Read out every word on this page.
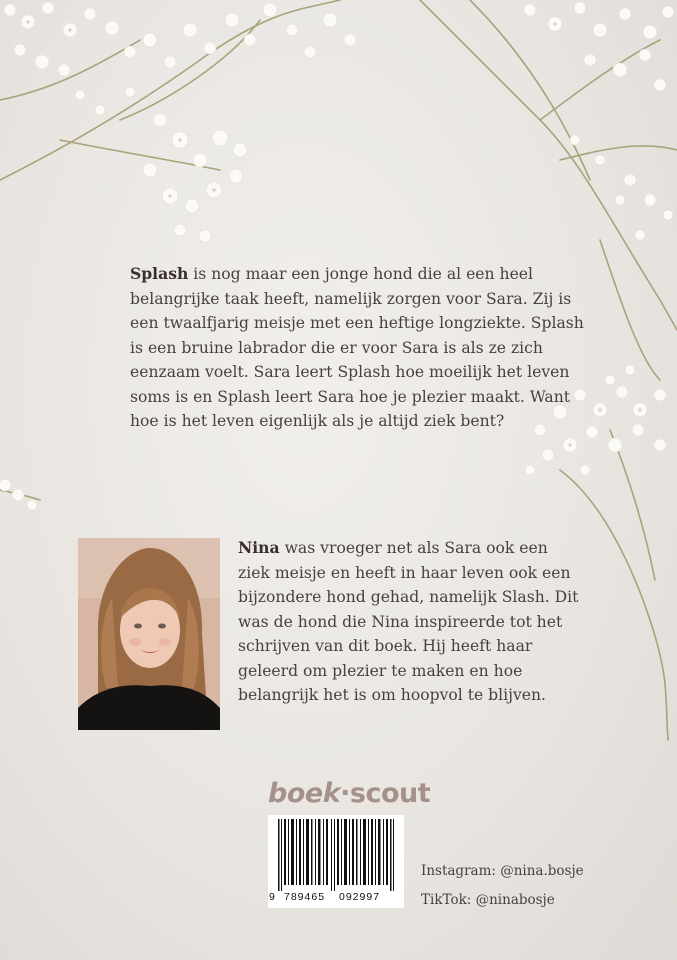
Splash is nog maar een jonge hond die al een heel belangrijke taak heeft, namelijk zorgen voor Sara. Zij is een twaalfjarig meisje met een heftige longziekte. Splash is een bruine labrador die er voor Sara is als ze zich eenzaam voelt. Sara leert Splash hoe moeilijk het leven soms is en Splash leert Sara hoe je plezier maakt. Want hoe is het leven eigenlijk als je altijd ziek bent?

Nina was vroeger net als Sara ook een ziek meisje en heeft in haar leven ook een bijzondere hond gehad, namelijk Slash. Dit was de hond die Nina inspireerde tot het schrijven van dit boek. Hij heeft haar geleerd om plezier te maken en hoe belangrijk het is om hoopvol te blijven.

boek·scout
9 789465 092997
Instagram: @nina.bosje
TikTok: @ninabosje
